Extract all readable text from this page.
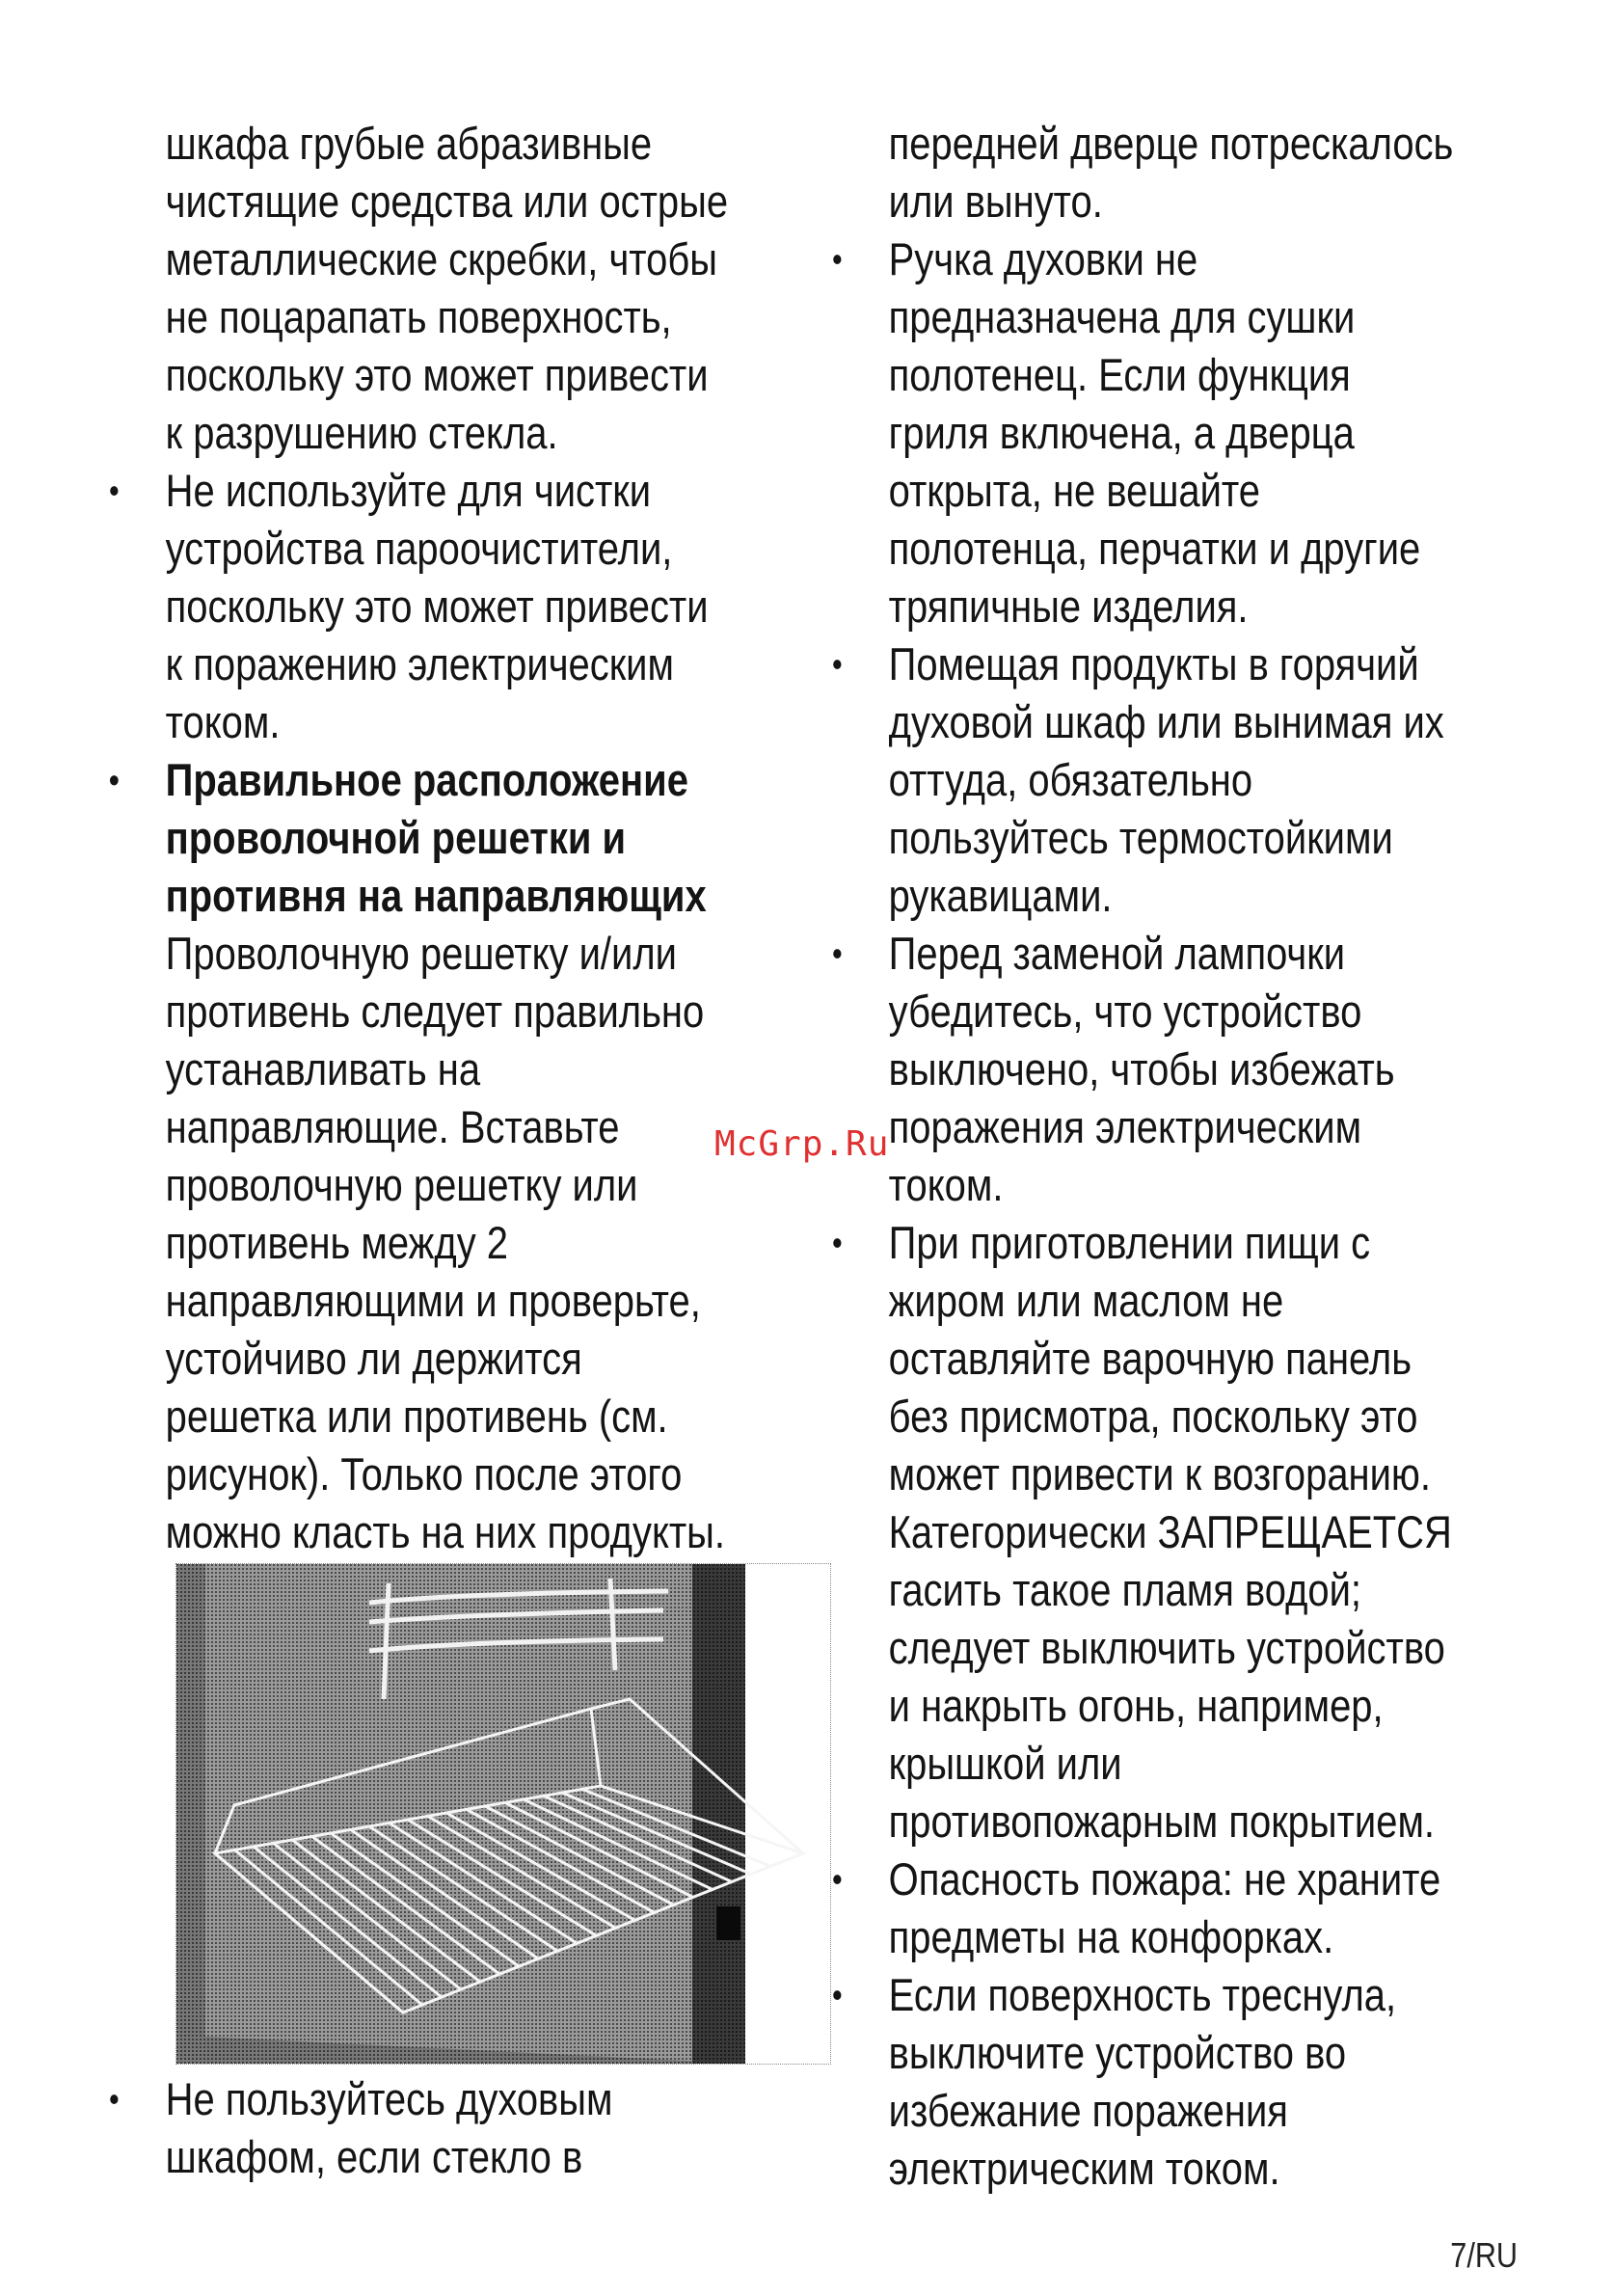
шкафа грубые абразивные
чистящие средства или острые
металлические скребки, чтобы
не поцарапать поверхность,
поскольку это может привести
к разрушению стекла.
•	Не используйте для чистки
устройства пароочистители,
поскольку это может привести
к поражению электрическим
током.
•	Правильное расположение
проволочной решетки и
противня на направляющих
Проволочную решетку и/или
противень следует правильно
устанавливать на
направляющие. Вставьте
проволочную решетку или
противень между 2
направляющими и проверьте,
устойчиво ли держится
решетка или противень (см.
рисунок). Только после этого
можно класть на них продукты.
•	Не пользуйтесь духовым
шкафом, если стекло в
передней дверце потрескалось
или вынуто.
•	Ручка духовки не
предназначена для сушки
полотенец. Если функция
гриля включена, а дверца
открыта, не вешайте
полотенца, перчатки и другие
тряпичные изделия.
•	Помещая продукты в горячий
духовой шкаф или вынимая их
оттуда, обязательно
пользуйтесь термостойкими
рукавицами.
•	Перед заменой лампочки
убедитесь, что устройство
выключено, чтобы избежать
поражения электрическим
током.
•	При приготовлении пищи с
жиром или маслом не
оставляйте варочную панель
без присмотра, поскольку это
может привести к возгоранию.
Категорически ЗАПРЕЩАЕТСЯ
гасить такое пламя водой;
следует выключить устройство
и накрыть огонь, например,
крышкой или
противопожарным покрытием.
•	Опасность пожара: не храните
предметы на конфорках.
•	Если поверхность треснула,
выключите устройство во
избежание поражения
электрическим током.
McGrp.Ru
7/RU
